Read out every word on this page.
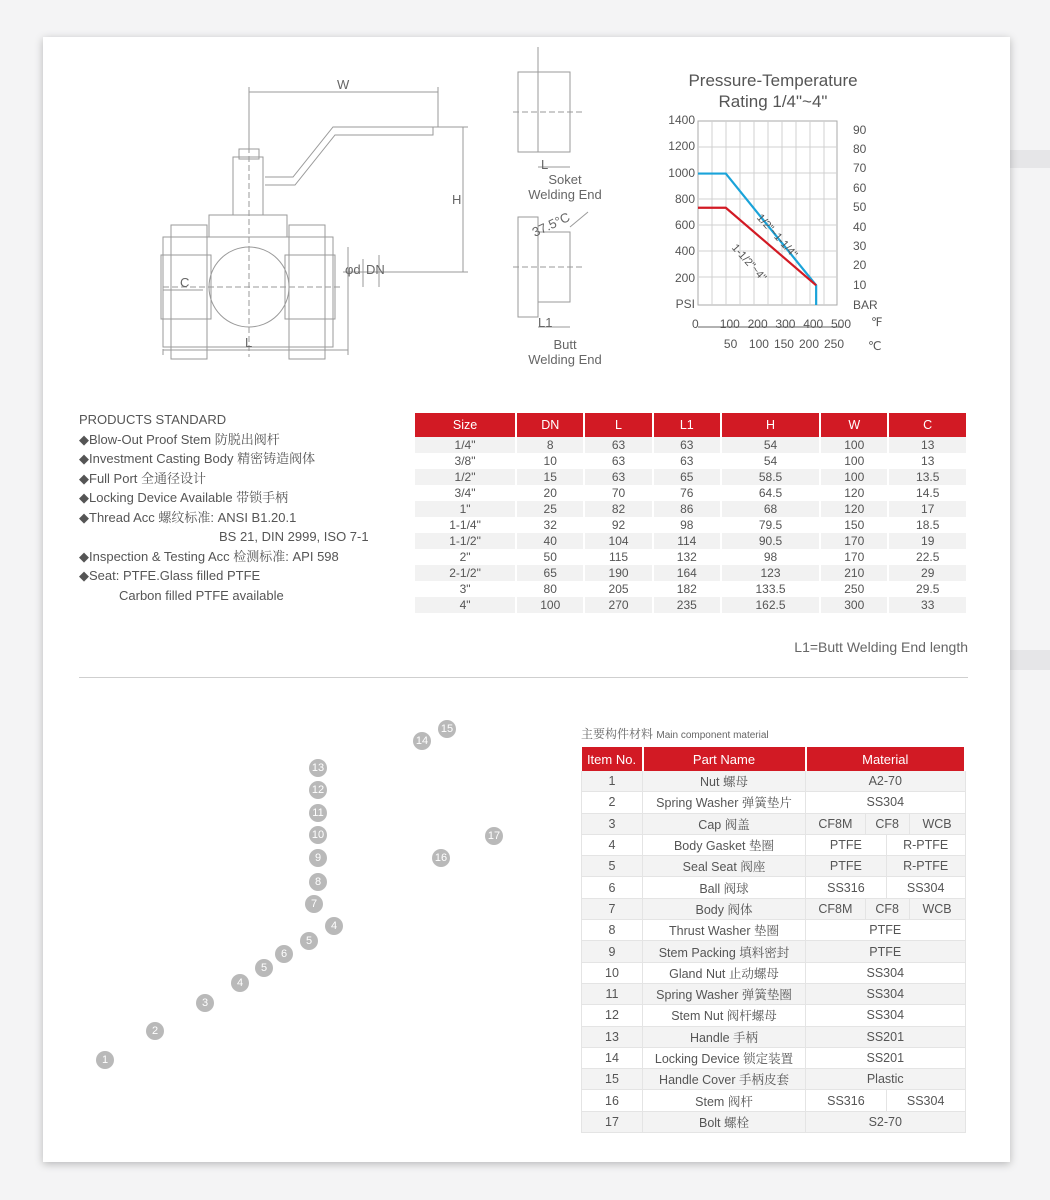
W
H
L
C
φd DN
L
Soket
Welding End
37.5°C
L1
Butt
Welding End
Pressure-Temperature
Rating 1/4"~4"
200
400
600
800
1000
1200
1400
PSI
10
20
30
40
50
60
70
80
90
BAR
0 100 200 300 400 500 ℉
50 100 150 200 250 ℃
1/2"~1-1/4"
1-1/2"~4"
PRODUCTS STANDARD
◆Blow-Out Proof Stem 防脱出阀杆
◆Investment Casting Body 精密铸造阀体
◆Full Port 全通径设计
◆Locking Device Available 带锁手柄
◆Thread Acc 螺纹标准: ANSI B1.20.1
BS 21, DIN 2999, ISO 7-1
◆Inspection & Testing Acc 检测标准: API 598
◆Seat: PTFE.Glass filled PTFE
Carbon filled PTFE available
Size	DN	L	L1	H	W	C
1/4"	8	63	63	54	100	13
3/8"	10	63	63	54	100	13
1/2"	15	63	65	58.5	100	13.5
3/4"	20	70	76	64.5	120	14.5
1"	25	82	86	68	120	17
1-1/4"	32	92	98	79.5	150	18.5
1-1/2"	40	104	114	90.5	170	19
2"	50	115	132	98	170	22.5
2-1/2"	65	190	164	123	210	29
3"	80	205	182	133.5	250	29.5
4"	100	270	235	162.5	300	33
L1=Butt Welding End length
1
2
3
4
5
6
4
5
7
8
9
10
11
12
13
14
15
16
17
主要构件材料 Main component material
Item No.	Part Name	Material			
1	Nut 螺母	A2-70			
2	Spring Washer 弹簧垫片	SS304			
3	Cap 阀盖	CF8M	CF8		WCB
4	Body Gasket 垫圈	PTFE		R-PTFE	
5	Seal Seat 阀座	PTFE		R-PTFE	
6	Ball 阀球	SS316		SS304	
7	Body 阀体	CF8M	CF8		WCB
8	Thrust Washer 垫圈	PTFE			
9	Stem Packing 填料密封	PTFE			
10	Gland Nut 止动螺母	SS304			
11	Spring Washer 弹簧垫圈	SS304			
12	Stem Nut 阀杆螺母	SS304			
13	Handle 手柄	SS201			
14	Locking Device 锁定装置	SS201			
15	Handle Cover 手柄皮套	Plastic			
16	Stem 阀杆	SS316		SS304	
17	Bolt 螺栓	S2-70			
